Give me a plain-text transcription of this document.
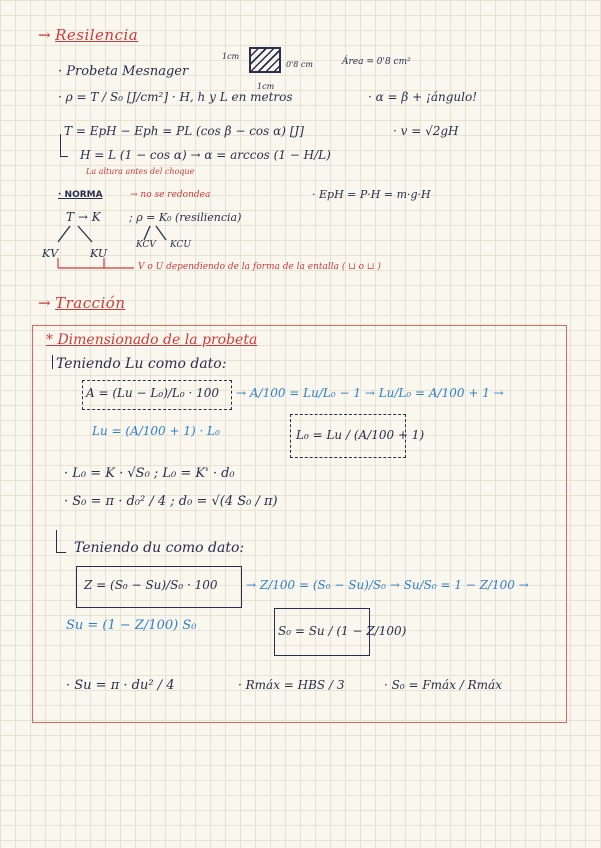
→ Resilencia
· Probeta Mesnager
1cm
0'8 cm
1cm
Área = 0'8 cm²
· ρ = T / S₀ [J/cm²] · H, h y L en metros	· α = β + ¡ángulo!
T = EpH − Eph = PL (cos β − cos α) [J]	· v = √2gH
H = L (1 − cos α) → α = arccos (1 − H/L)
La altura antes del choque
· NORMA	→ no se redondea	· EpH = P·H = m·g·H
T → K	; ρ = K₀ (resiliencia)
KV	KU
KCV KCU
V o U dependiendo de la forma de la entalla ( ⊔ o ⊔ )
→ Tracción
* Dimensionado de la probeta
Teniendo Lu como dato:
A = (Lu − L₀)/L₀ · 100 → A/100 = Lu/L₀ − 1 → Lu/L₀ = A/100 + 1 →
Lu = (A/100 + 1) · L₀	L₀ = Lu / (A/100 + 1)
· L₀ = K · √S₀ ; L₀ = K' · d₀
· S₀ = π · d₀² / 4 ; d₀ = √(4 S₀ / π)
Teniendo du como dato:
Z = (S₀ − Su)/S₀ · 100 → Z/100 = (S₀ − Su)/S₀ → Su/S₀ = 1 − Z/100 →
Su = (1 − Z/100) S₀	S₀ = Su / (1 − Z/100)
· Su = π · du² / 4	· Rmáx = HBS / 3	· S₀ = Fmáx / Rmáx
